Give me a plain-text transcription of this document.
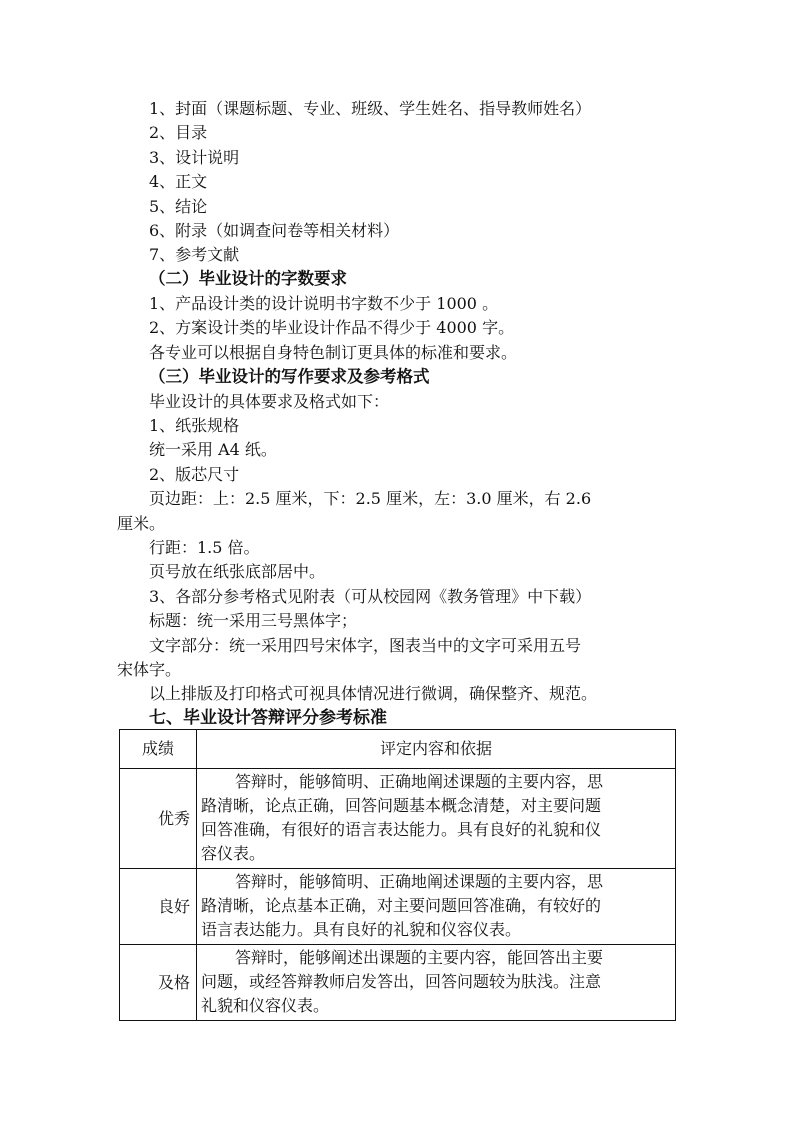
1、封面（课题标题、专业、班级、学生姓名、指导教师姓名）
2、目录
3、设计说明
4、正文
5、结论
6、附录（如调查问卷等相关材料）
7、参考文献
（二）毕业设计的字数要求
1、产品设计类的设计说明书字数不少于 1000 。
2、方案设计类的毕业设计作品不得少于 4000 字。
各专业可以根据自身特色制订更具体的标准和要求。
（三）毕业设计的写作要求及参考格式
毕业设计的具体要求及格式如下：
1、纸张规格
统一采用 A4 纸。
2、版芯尺寸
页边距：上：2.5 厘米，下：2.5 厘米，左：3.0 厘米，右 2.6
厘米。
行距：1.5 倍。
页号放在纸张底部居中。
3、各部分参考格式见附表（可从校园网《教务管理》中下载）
标题：统一采用三号黑体字；
文字部分：统一采用四号宋体字，图表当中的文字可采用五号
宋体字。
以上排版及打印格式可视具体情况进行微调，确保整齐、规范。
七、毕业设计答辩评分参考标准
成绩	评定内容和依据
优秀	答辩时，能够简明、正确地阐述课题的主要内容，思
路清晰，论点正确，回答问题基本概念清楚，对主要问题
回答准确，有很好的语言表达能力。具有良好的礼貌和仪
容仪表。

良好	答辩时，能够简明、正确地阐述课题的主要内容，思
路清晰，论点基本正确，对主要问题回答准确，有较好的
语言表达能力。具有良好的礼貌和仪容仪表。

及格	答辩时，能够阐述出课题的主要内容，能回答出主要
问题，或经答辩教师启发答出，回答问题较为肤浅。注意
礼貌和仪容仪表。
